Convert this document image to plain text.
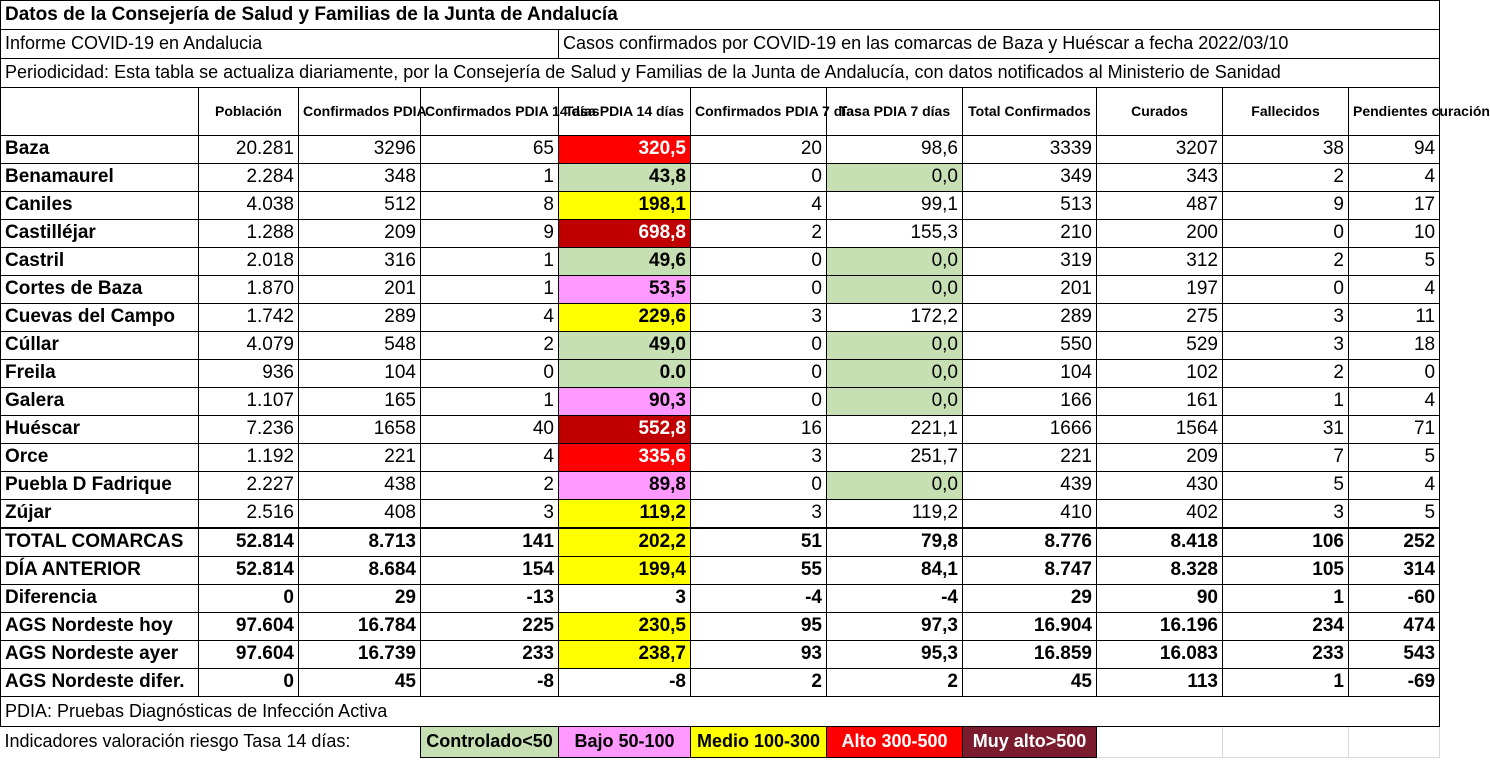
Datos de la Consejería de Salud y Familias de la Junta de Andalucía										
Informe COVID-19 en Andalucia				Casos confirmados por COVID-19 en las comarcas de Baza y Huéscar a fecha 2022/03/10						
Periodicidad: Esta tabla se actualiza diariamente, por la Consejería de Salud y Familias de la Junta de Andalucía, con datos notificados al Ministerio de Sanidad										
	Población	Confirmados PDIA	Confirmados PDIA 14 días	Tasa PDIA 14 días	Confirmados PDIA 7 días	Tasa PDIA 7 días	Total Confirmados	Curados	Fallecidos	Pendientes curación
Baza	20.281	3296	65	320,5	20	98,6	3339	3207	38	94
Benamaurel	2.284	348	1	43,8	0	0,0	349	343	2	4
Caniles	4.038	512	8	198,1	4	99,1	513	487	9	17
Castilléjar	1.288	209	9	698,8	2	155,3	210	200	0	10
Castril	2.018	316	1	49,6	0	0,0	319	312	2	5
Cortes de Baza	1.870	201	1	53,5	0	0,0	201	197	0	4
Cuevas del Campo	1.742	289	4	229,6	3	172,2	289	275	3	11
Cúllar	4.079	548	2	49,0	0	0,0	550	529	3	18
Freila	936	104	0	0.0	0	0,0	104	102	2	0
Galera	1.107	165	1	90,3	0	0,0	166	161	1	4
Huéscar	7.236	1658	40	552,8	16	221,1	1666	1564	31	71
Orce	1.192	221	4	335,6	3	251,7	221	209	7	5
Puebla D Fadrique	2.227	438	2	89,8	0	0,0	439	430	5	4
Zújar	2.516	408	3	119,2	3	119,2	410	402	3	5
TOTAL COMARCAS	52.814	8.713	141	202,2	51	79,8	8.776	8.418	106	252
DÍA ANTERIOR	52.814	8.684	154	199,4	55	84,1	8.747	8.328	105	314
Diferencia	0	29	-13	3	-4	-4	29	90	1	-60
AGS Nordeste hoy	97.604	16.784	225	230,5	95	97,3	16.904	16.196	234	474
AGS Nordeste ayer	97.604	16.739	233	238,7	93	95,3	16.859	16.083	233	543
AGS Nordeste difer.	0	45	-8	-8	2	2	45	113	1	-69
PDIA: Pruebas Diagnósticas de Infección Activa										
Indicadores valoración riesgo Tasa 14 días:			Controlado<50	Bajo 50-100	Medio 100-300	Alto 300-500	Muy alto>500			
